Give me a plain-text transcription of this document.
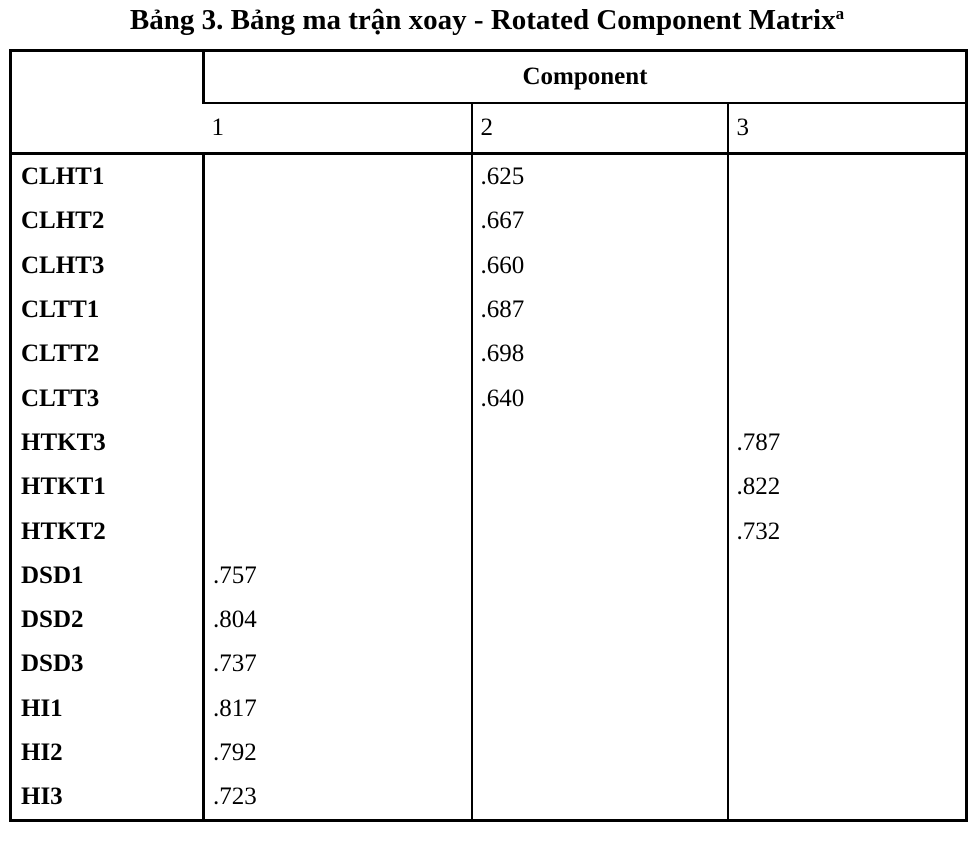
Bảng 3. Bảng ma trận xoay - Rotated Component Matrix$^a$
	Component		
	1	2	3
CLHT1		.625	
CLHT2		.667	
CLHT3		.660	
CLTT1		.687	
CLTT2		.698	
CLTT3		.640	
HTKT3			.787
HTKT1			.822
HTKT2			.732
DSD1	.757		
DSD2	.804		
DSD3	.737		
HI1	.817		
HI2	.792		
HI3	.723		
